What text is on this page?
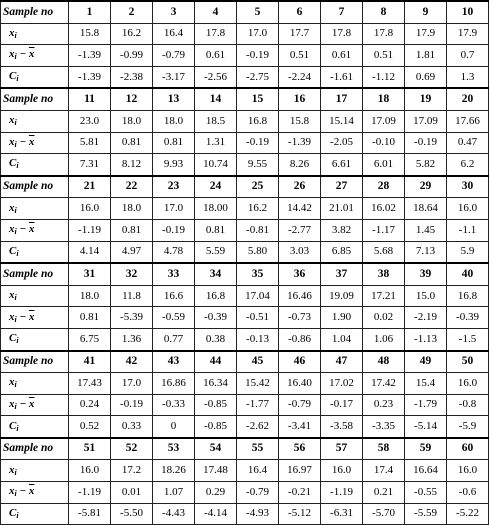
Sample no	1	2	3	4	5	6	7	8	9	10
$x_i$	15.8	16.2	16.4	17.8	17.0	17.7	17.8	17.8	17.9	17.9
$x_i - \overline{x}$	-1.39	-0.99	-0.79	0.61	-0.19	0.51	0.61	0.51	1.81	0.7
$C_i$	-1.39	-2.38	-3.17	-2.56	-2.75	-2.24	-1.61	-1.12	0.69	1.3
Sample no	11	12	13	14	15	16	17	18	19	20
$x_i$	23.0	18.0	18.0	18.5	16.8	15.8	15.14	17.09	17.09	17.66
$x_i - \overline{x}$	5.81	0.81	0.81	1.31	-0.19	-1.39	-2.05	-0.10	-0.19	0.47
$C_i$	7.31	8.12	9.93	10.74	9.55	8.26	6.61	6.01	5.82	6.2
Sample no	21	22	23	24	25	26	27	28	29	30
$x_i$	16.0	18.0	17.0	18.00	16.2	14.42	21.01	16.02	18.64	16.0
$x_i - \overline{x}$	-1.19	0.81	-0.19	0.81	-0.81	-2.77	3.82	-1.17	1.45	-1.1
$C_i$	4.14	4.97	4.78	5.59	5.80	3.03	6.85	5.68	7.13	5.9
Sample no	31	32	33	34	35	36	37	38	39	40
$x_i$	18.0	11.8	16.6	16.8	17.04	16.46	19.09	17.21	15.0	16.8
$x_i - \overline{x}$	0.81	-5.39	-0.59	-0.39	-0.51	-0.73	1.90	0.02	-2.19	-0.39
$C_i$	6.75	1.36	0.77	0.38	-0.13	-0.86	1.04	1.06	-1.13	-1.5
Sample no	41	42	43	44	45	46	47	48	49	50
$x_i$	17.43	17.0	16.86	16.34	15.42	16.40	17.02	17.42	15.4	16.0
$x_i - \overline{x}$	0.24	-0.19	-0.33	-0.85	-1.77	-0.79	-0.17	0.23	-1.79	-0.8
$C_i$	0.52	0.33	0	-0.85	-2.62	-3.41	-3.58	-3.35	-5.14	-5.9
Sample no	51	52	53	54	55	56	57	58	59	60
$x_i$	16.0	17.2	18.26	17.48	16.4	16.97	16.0	17.4	16.64	16.0
$x_i - \overline{x}$	-1.19	0.01	1.07	0.29	-0.79	-0.21	-1.19	0.21	-0.55	-0.6
$C_i$	-5.81	-5.50	-4.43	-4.14	-4.93	-5.12	-6.31	-5.70	-5.59	-5.22
